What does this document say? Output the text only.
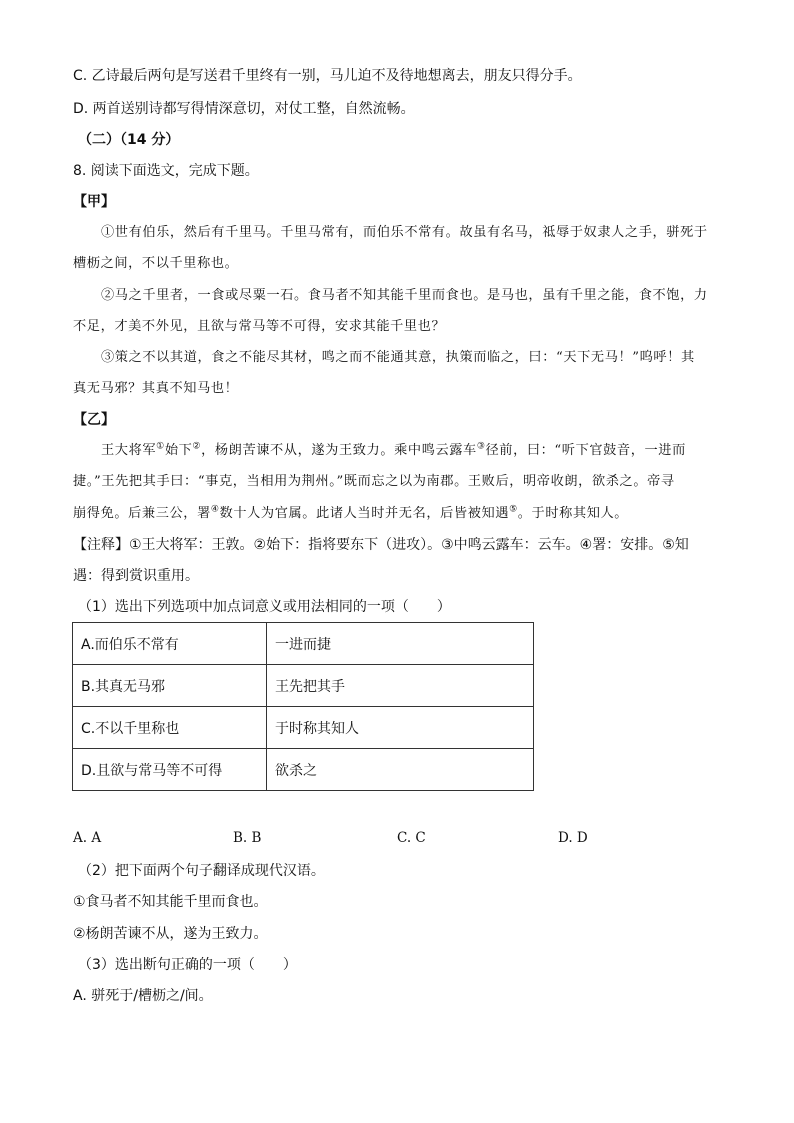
C. 乙诗最后两句是写送君千里终有一别，马儿迫不及待地想离去，朋友只得分手。
D. 两首送别诗都写得情深意切，对仗工整，自然流畅。
（二）（14 分）
8. 阅读下面选文，完成下题。
【甲】
①世有伯乐，然后有千里马。千里马常有，而伯乐不常有。故虽有名马，祗辱于奴隶人之手，骈死于
槽枥之间，不以千里称也。
②马之千里者，一食或尽粟一石。食马者不知其能千里而食也。是马也，虽有千里之能，食不饱，力
不足，才美不外见，且欲与常马等不可得，安求其能千里也？
③策之不以其道，食之不能尽其材，鸣之而不能通其意，执策而临之，曰：“天下无马！”呜呼！其
真无马邪？其真不知马也！
【乙】
王大将军①始下②，杨朗苦谏不从，遂为王致力。乘中鸣云露车③径前，曰：“听下官鼓音，一进而
捷。”王先把其手曰：“事克，当相用为荆州。”既而忘之以为南郡。王败后，明帝收朗，欲杀之。帝寻
崩得免。后兼三公，署④数十人为官属。此诸人当时并无名，后皆被知遇⑤。于时称其知人。
【注释】①王大将军：王敦。②始下：指将要东下（进攻）。③中鸣云露车：云车。④署：安排。⑤知
遇：得到赏识重用。
（1）选出下列选项中加点词意义或用法相同的一项（　　）
A.而伯乐不常有	一进而捷
B.其真无马邪	王先把其手
C.不以千里称也	于时称其知人
D.且欲与常马等不可得	欲杀之
A. A	B. B	C. C	D. D
（2）把下面两个句子翻译成现代汉语。
①食马者不知其能千里而食也。
②杨朗苦谏不从，遂为王致力。
（3）选出断句正确的一项（　　）
A. 骈死于/槽枥之/间。
